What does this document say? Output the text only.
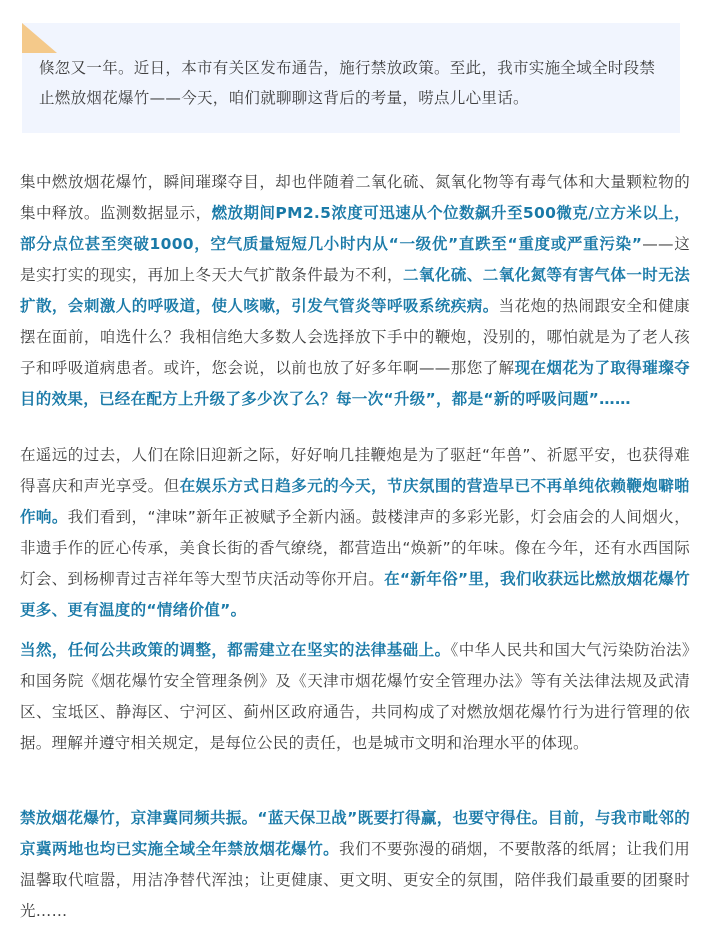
倏忽又一年。近日，本市有关区发布通告，施行禁放政策。至此，我市实施全域全时段禁止燃放烟花爆竹——今天，咱们就聊聊这背后的考量，唠点儿心里话。
集中燃放烟花爆竹，瞬间璀璨夺目，却也伴随着二氧化硫、氮氧化物等有毒气体和大量颗粒物的集中释放。监测数据显示，燃放期间PM2.5浓度可迅速从个位数飙升至500微克/立方米以上，部分点位甚至突破1000，空气质量短短几小时内从“一级优”直跌至“重度或严重污染”——这是实打实的现实，再加上冬天大气扩散条件最为不利，二氧化硫、二氧化氮等有害气体一时无法扩散，会刺激人的呼吸道，使人咳嗽，引发气管炎等呼吸系统疾病。当花炮的热闹跟安全和健康摆在面前，咱选什么？我相信绝大多数人会选择放下手中的鞭炮，没别的，哪怕就是为了老人孩子和呼吸道病患者。或许，您会说，以前也放了好多年啊——那您了解现在烟花为了取得璀璨夺目的效果，已经在配方上升级了多少次了么？每一次“升级”，都是“新的呼吸问题”……
在遥远的过去，人们在除旧迎新之际，好好响几挂鞭炮是为了驱赶“年兽”、祈愿平安，也获得难得喜庆和声光享受。但在娱乐方式日趋多元的今天，节庆氛围的营造早已不再单纯依赖鞭炮噼啪作响。我们看到，“津味”新年正被赋予全新内涵。鼓楼津声的多彩光影，灯会庙会的人间烟火，非遗手作的匠心传承，美食长街的香气缭绕，都营造出“焕新”的年味。像在今年，还有水西国际灯会、到杨柳青过吉祥年等大型节庆活动等你开启。在“新年俗”里，我们收获远比燃放烟花爆竹更多、更有温度的“情绪价值”。
当然，任何公共政策的调整，都需建立在坚实的法律基础上。《中华人民共和国大气污染防治法》和国务院《烟花爆竹安全管理条例》及《天津市烟花爆竹安全管理办法》等有关法律法规及武清区、宝坻区、静海区、宁河区、蓟州区政府通告，共同构成了对燃放烟花爆竹行为进行管理的依据。理解并遵守相关规定，是每位公民的责任，也是城市文明和治理水平的体现。
禁放烟花爆竹，京津冀同频共振。“蓝天保卫战”既要打得赢，也要守得住。目前，与我市毗邻的京冀两地也均已实施全域全年禁放烟花爆竹。我们不要弥漫的硝烟，不要散落的纸屑；让我们用温馨取代喧嚣，用洁净替代浑浊；让更健康、更文明、更安全的氛围，陪伴我们最重要的团聚时光……
